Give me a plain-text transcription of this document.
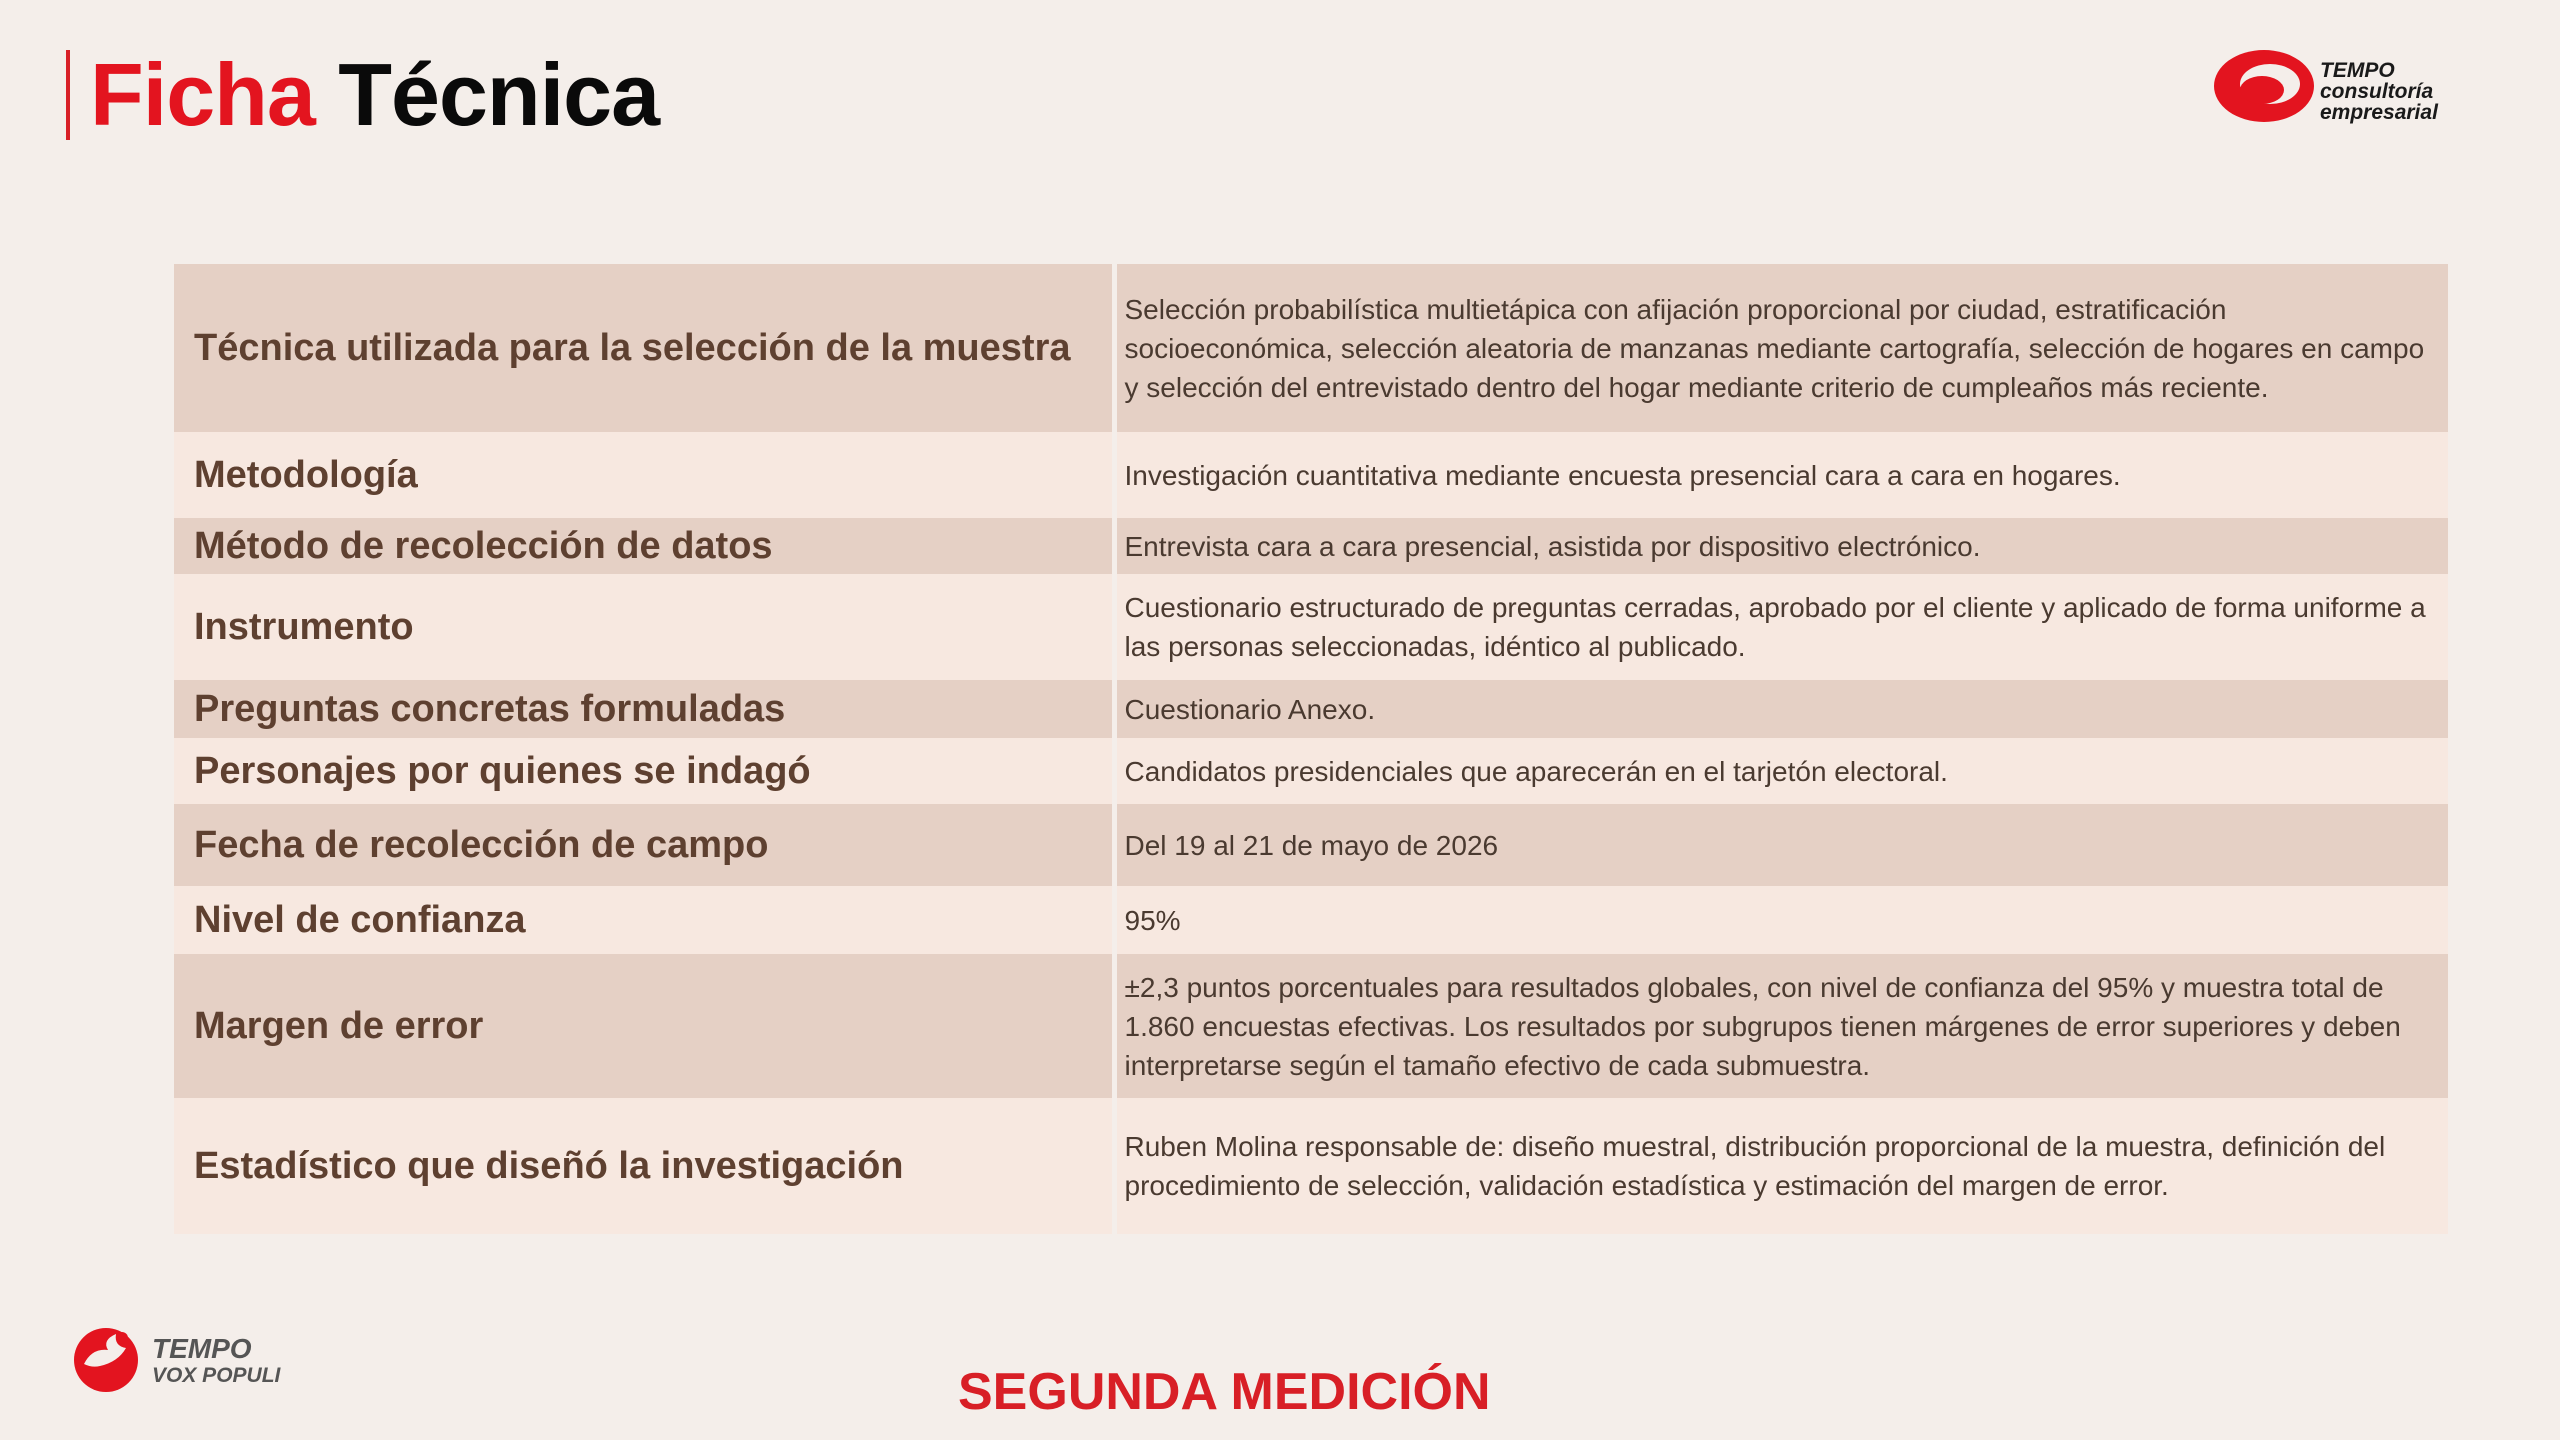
Ficha Técnica	TEMPO
consultoría
empresarial
Técnica utilizada para la selección de la muestra	Selección probabilística multietápica con afijación proporcional por ciudad, estratificación socioeconómica, selección aleatoria de manzanas mediante cartografía, selección de hogares en campo y selección del entrevistado dentro del hogar mediante criterio de cumpleaños más reciente.
Metodología	Investigación cuantitativa mediante encuesta presencial cara a cara en hogares.
Método de recolección de datos	Entrevista cara a cara presencial, asistida por dispositivo electrónico.
Instrumento	Cuestionario estructurado de preguntas cerradas, aprobado por el cliente y aplicado de forma uniforme a las personas seleccionadas, idéntico al publicado.
Preguntas concretas formuladas	Cuestionario Anexo.
Personajes por quienes se indagó	Candidatos presidenciales que aparecerán en el tarjetón electoral.
Fecha de recolección de campo	Del 19 al 21 de mayo de 2026
Nivel de confianza	95%
Margen de error	±2,3 puntos porcentuales para resultados globales, con nivel de confianza del 95% y muestra total de 1.860 encuestas efectivas. Los resultados por subgrupos tienen márgenes de error superiores y deben interpretarse según el tamaño efectivo de cada submuestra.
Estadístico que diseñó la investigación	Ruben Molina responsable de: diseño muestral, distribución proporcional de la muestra, definición del procedimiento de selección, validación estadística y estimación del margen de error.
TEMPO
VOX POPULI	SEGUNDA MEDICIÓN
